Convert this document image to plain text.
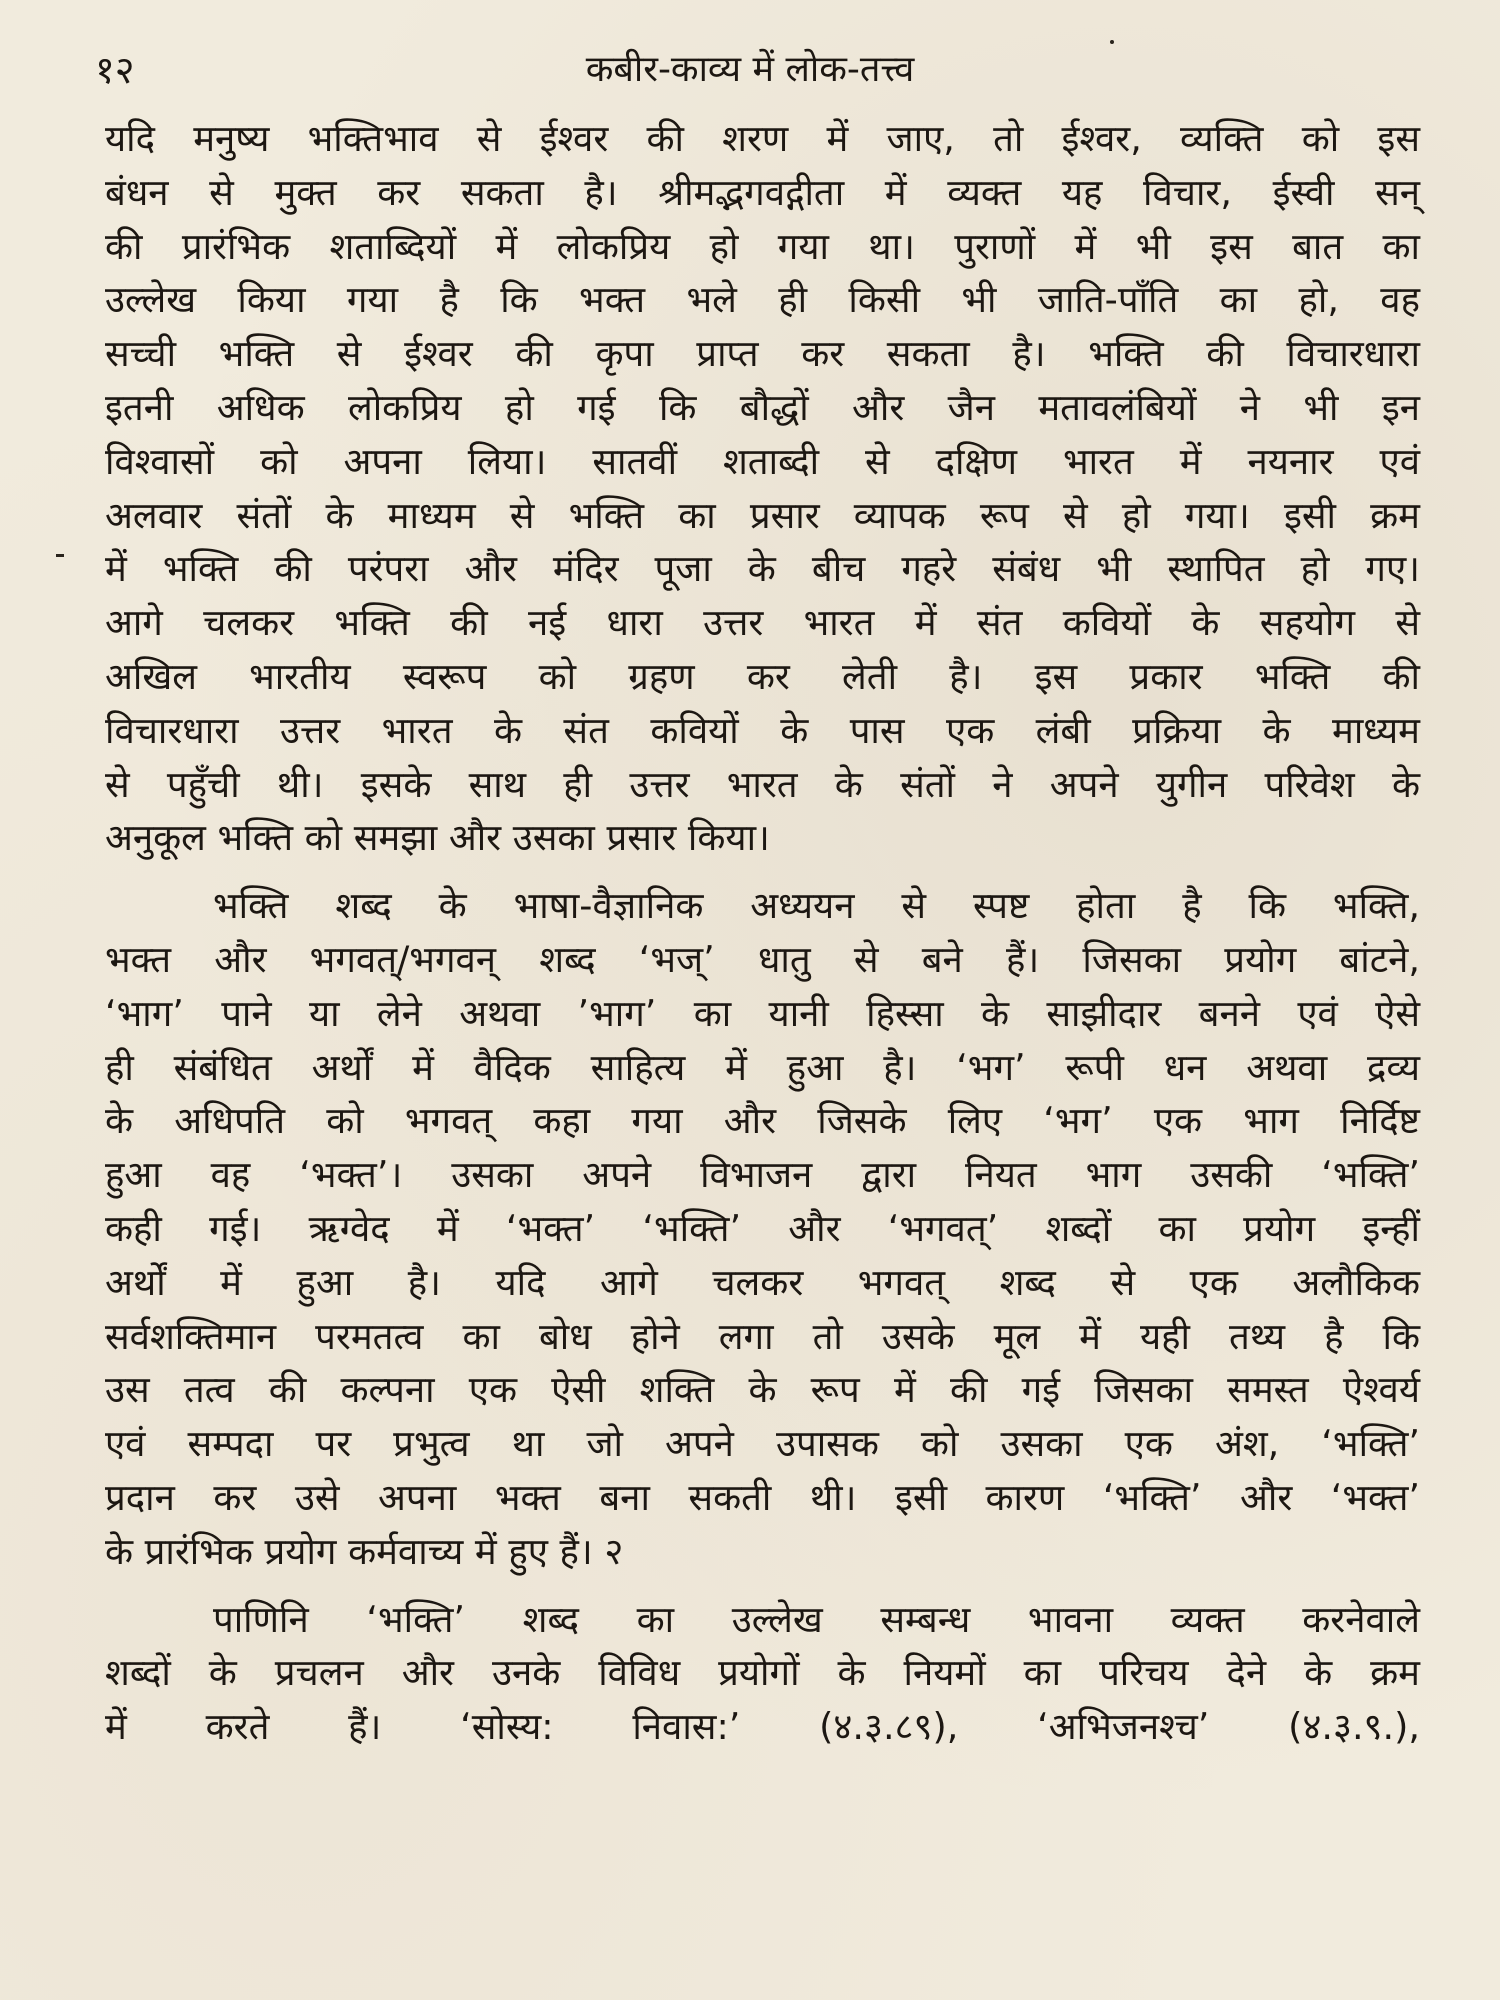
१२	कबीर-काव्य में लोक-तत्त्व
यदि मनुष्य भक्तिभाव से ईश्वर की शरण में जाए, तो ईश्वर, व्यक्ति को इस
बंधन से मुक्त कर सकता है। श्रीमद्भगवद्गीता में व्यक्त यह विचार, ईस्वी सन्
की प्रारंभिक शताब्दियों में लोकप्रिय हो गया था। पुराणों में भी इस बात का
उल्लेख किया गया है कि भक्त भले ही किसी भी जाति-पाँति का हो, वह
सच्ची भक्ति से ईश्वर की कृपा प्राप्त कर सकता है। भक्ति की विचारधारा
इतनी अधिक लोकप्रिय हो गई कि बौद्धों और जैन मतावलंबियों ने भी इन
विश्वासों को अपना लिया। सातवीं शताब्दी से दक्षिण भारत में नयनार एवं
अलवार संतों के माध्यम से भक्ति का प्रसार व्यापक रूप से हो गया। इसी क्रम
में भक्ति की परंपरा और मंदिर पूजा के बीच गहरे संबंध भी स्थापित हो गए।
आगे चलकर भक्ति की नई धारा उत्तर भारत में संत कवियों के सहयोग से
अखिल भारतीय स्वरूप को ग्रहण कर लेती है। इस प्रकार भक्ति की
विचारधारा उत्तर भारत के संत कवियों के पास एक लंबी प्रक्रिया के माध्यम
से पहुँची थी। इसके साथ ही उत्तर भारत के संतों ने अपने युगीन परिवेश के
अनुकूल भक्ति को समझा और उसका प्रसार किया।
भक्ति शब्द के भाषा-वैज्ञानिक अध्ययन से स्पष्ट होता है कि भक्ति,
भक्त और भगवत्/भगवन् शब्द ‘भज्’ धातु से बने हैं। जिसका प्रयोग बांटने,
‘भाग’ पाने या लेने अथवा ’भाग’ का यानी हिस्सा के साझीदार बनने एवं ऐसे
ही संबंधित अर्थों में वैदिक साहित्य में हुआ है। ‘भग’ रूपी धन अथवा द्रव्य
के अधिपति को भगवत् कहा गया और जिसके लिए ‘भग’ एक भाग निर्दिष्ट
हुआ वह ‘भक्त’। उसका अपने विभाजन द्वारा नियत भाग उसकी ‘भक्ति’
कही गई। ऋग्वेद में ‘भक्त’ ‘भक्ति’ और ‘भगवत्’ शब्दों का प्रयोग इन्हीं
अर्थों में हुआ है। यदि आगे चलकर भगवत् शब्द से एक अलौकिक
सर्वशक्तिमान परमतत्व का बोध होने लगा तो उसके मूल में यही तथ्य है कि
उस तत्व की कल्पना एक ऐसी शक्ति के रूप में की गई जिसका समस्त ऐश्वर्य
एवं सम्पदा पर प्रभुत्व था जो अपने उपासक को उसका एक अंश, ‘भक्ति’
प्रदान कर उसे अपना भक्त बना सकती थी। इसी कारण ‘भक्ति’ और ‘भक्त’
के प्रारंभिक प्रयोग कर्मवाच्य में हुए हैं। २
पाणिनि ‘भक्ति’ शब्द का उल्लेख सम्बन्ध भावना व्यक्त करनेवाले
शब्दों के प्रचलन और उनके विविध प्रयोगों के नियमों का परिचय देने के क्रम
में करते हैं। ‘सोस्य: निवास:’ (४.३.८९), ‘अभिजनश्च’ (४.३.९.),
